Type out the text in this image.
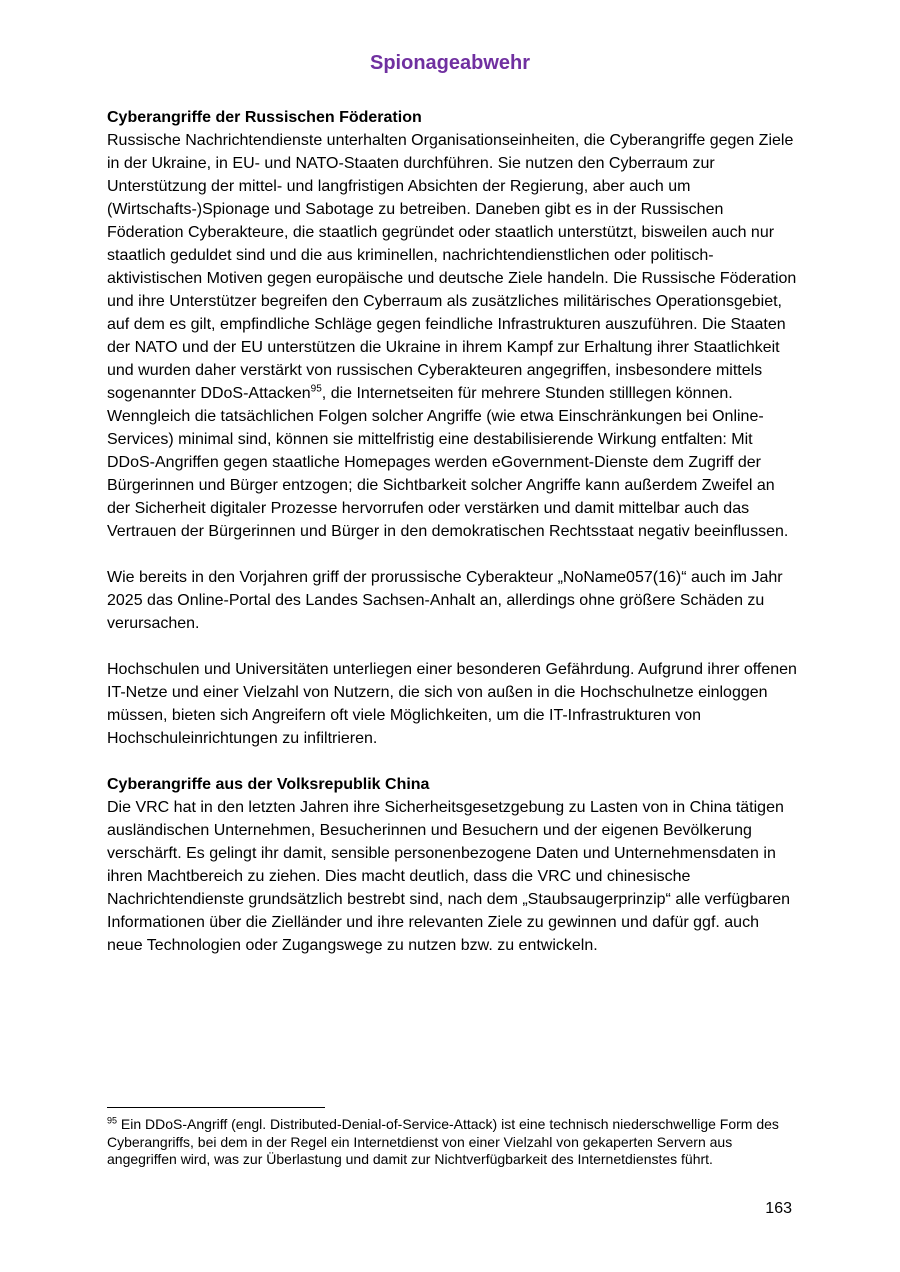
Spionageabwehr

Cyberangriffe der Russischen Föderation

Russische Nachrichtendienste unterhalten Organisationseinheiten, die Cyberangriffe gegen Ziele in der Ukraine, in EU- und NATO-Staaten durchführen. Sie nutzen den Cyberraum zur Unterstützung der mittel- und langfristigen Absichten der Regierung, aber auch um (Wirtschafts-)Spionage und Sabotage zu betreiben. Daneben gibt es in der Russischen Föderation Cyberakteure, die staatlich gegründet oder staatlich unterstützt, bisweilen auch nur staatlich geduldet sind und die aus kriminellen, nachrichtendienstlichen oder politisch-aktivistischen Motiven gegen europäische und deutsche Ziele handeln. Die Russische Föderation und ihre Unterstützer begreifen den Cyberraum als zusätzliches militärisches Operationsgebiet, auf dem es gilt, empfindliche Schläge gegen feindliche Infrastrukturen auszuführen. Die Staaten der NATO und der EU unterstützen die Ukraine in ihrem Kampf zur Erhaltung ihrer Staatlichkeit und wurden daher verstärkt von russischen Cyberakteuren angegriffen, insbesondere mittels sogenannter DDoS-Attacken$^{95}$, die Internetseiten für mehrere Stunden stilllegen können. Wenngleich die tatsächlichen Folgen solcher Angriffe (wie etwa Einschränkungen bei Online-Services) minimal sind, können sie mittelfristig eine destabilisierende Wirkung entfalten: Mit DDoS-Angriffen gegen staatliche Homepages werden eGovernment-Dienste dem Zugriff der Bürgerinnen und Bürger entzogen; die Sichtbarkeit solcher Angriffe kann außerdem Zweifel an der Sicherheit digitaler Prozesse hervorrufen oder verstärken und damit mittelbar auch das Vertrauen der Bürgerinnen und Bürger in den demokratischen Rechtsstaat negativ beeinflussen.

Wie bereits in den Vorjahren griff der prorussische Cyberakteur „NoName057(16)“ auch im Jahr 2025 das Online-Portal des Landes Sachsen-Anhalt an, allerdings ohne größere Schäden zu verursachen.

Hochschulen und Universitäten unterliegen einer besonderen Gefährdung. Aufgrund ihrer offenen IT-Netze und einer Vielzahl von Nutzern, die sich von außen in die Hochschulnetze einloggen müssen, bieten sich Angreifern oft viele Möglichkeiten, um die IT-Infrastrukturen von Hochschuleinrichtungen zu infiltrieren.

Cyberangriffe aus der Volksrepublik China

Die VRC hat in den letzten Jahren ihre Sicherheitsgesetzgebung zu Lasten von in China tätigen ausländischen Unternehmen, Besucherinnen und Besuchern und der eigenen Bevölkerung verschärft. Es gelingt ihr damit, sensible personenbezogene Daten und Unternehmensdaten in ihren Machtbereich zu ziehen. Dies macht deutlich, dass die VRC und chinesische Nachrichtendienste grundsätzlich bestrebt sind, nach dem „Staubsaugerprinzip“ alle verfügbaren Informationen über die Zielländer und ihre relevanten Ziele zu gewinnen und dafür ggf. auch neue Technologien oder Zugangswege zu nutzen bzw. zu entwickeln.

$^{95}$ Ein DDoS-Angriff (engl. Distributed-Denial-of-Service-Attack) ist eine technisch niederschwellige Form des Cyberangriffs, bei dem in der Regel ein Internetdienst von einer Vielzahl von gekaperten Servern aus angegriffen wird, was zur Überlastung und damit zur Nichtverfügbarkeit des Internetdienstes führt.

163
